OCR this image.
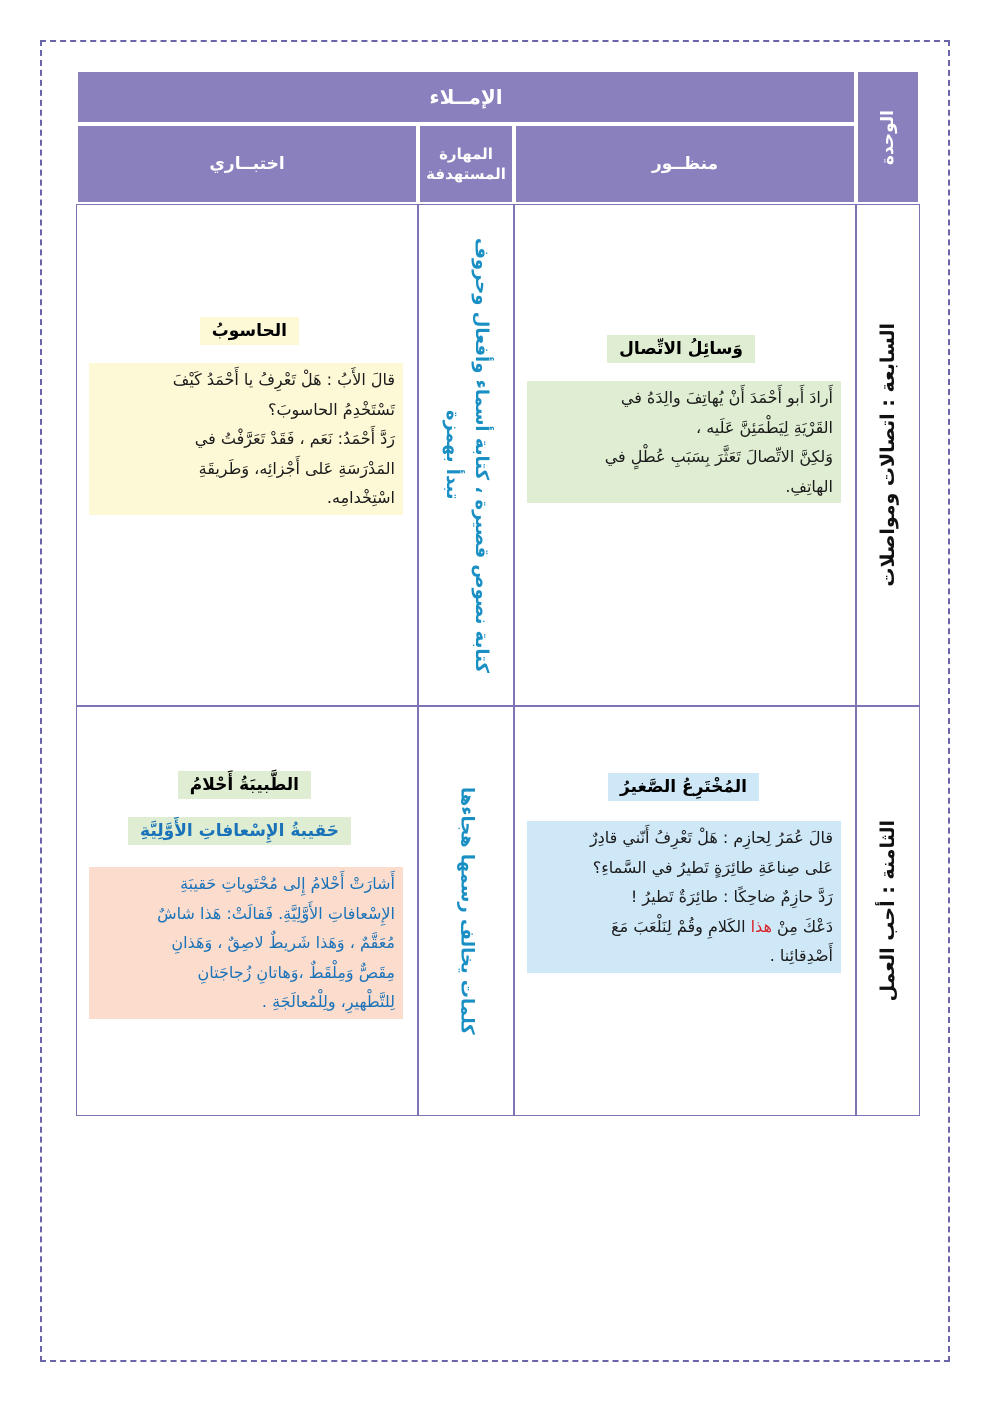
الوحدة
الإمــلاء
منظــور
المهارة
المستهدفة
اختبــاري
السابعة : اتصالات ومواصلات
وَسائِلُ الاتِّصال
أَرادَ أَبو أَحْمَدَ أَنْ يُهاتِفَ والِدَهُ في
القَرْيَةِ لِيَطْمَئِنَّ عَلَيه ،
وَلكِنَّ الاتِّصالَ تَعَثَّرَ بِسَبَبِ عُطْلٍ في
الهاتِفِ.
كتابة نصوص قصيرة ، كتابة أسماء وأفعال وحروف تبدأ بهمزة
الحاسوبُ
قالَ الأَبُ : هَلْ تَعْرِفُ يا أَحْمَدُ كَيْفَ
تَسْتَخْدِمُ الحاسوبَ؟
رَدَّ أَحْمَدُ: نَعَم ، فَقَدْ تَعَرَّفْتُ في
المَدْرَسَةِ عَلى أَجْزائِه، وَطَريقَةِ
اسْتِخْدامِه.
الثامنة : أحب العمل
المُخْتَرِعُ الصَّغيرُ
قالَ عُمَرُ لِحازِم : هَلْ تَعْرِفُ أَنّني قادِرٌ
عَلى صِناعَةِ طائِرَةٍ تَطيرُ في السَّماءِ؟
رَدَّ حازِمٌ ضاحِكًا : طائِرَةٌ تَطيرُ !
دَعْكَ مِنْ هذا الكَلامِ وقُمْ لِنَلْعَبَ مَعَ
أَصْدِقائِنا .
كلمات يخالف رسمها هجاءها
الطَّبيبَةُ أَحْلامُ
حَقيبةُ الإِسْعافاتِ الأَوَّلِيَّةِ
أَشارَتْ أَحْلامُ إِلى مُحْتَوياتِ حَقيبَةِ
الإِسْعافاتِ الأَوَّلِيَّةِ. فَقالَتْ: هَذا شاشٌ
مُعَقَّمٌ ، وَهَذا شَريطٌ لاصِقٌ ، وَهَذانِ
مِقَصٌّ وَمِلْقَطٌ ،وَهاتانِ زُجاجَتانِ
لِلتَّطْهيرِ، ولِلْمُعالَجَةِ .
